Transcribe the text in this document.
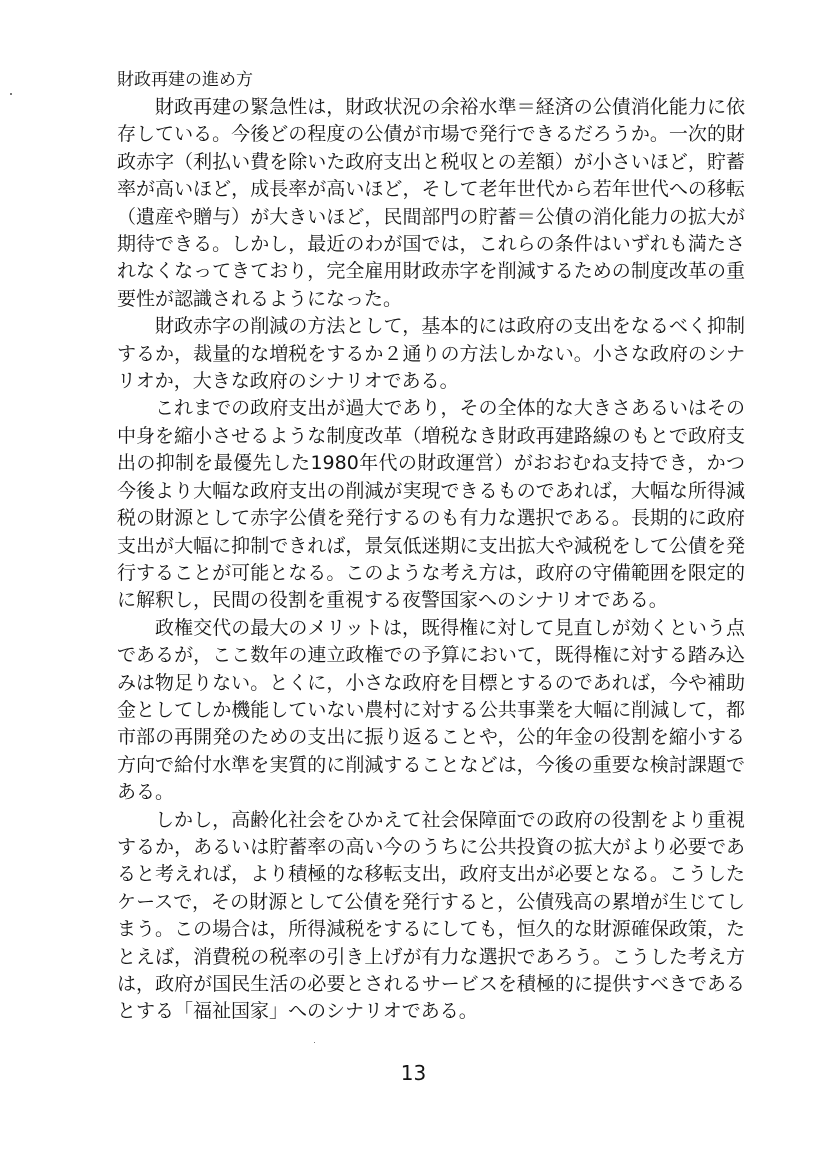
財政再建の進め方

財政再建の緊急性は，財政状況の余裕水準＝経済の公債消化能力に依存している。今後どの程度の公債が市場で発行できるだろうか。一次的財政赤字（利払い費を除いた政府支出と税収との差額）が小さいほど，貯蓄率が高いほど，成長率が高いほど，そして老年世代から若年世代への移転（遺産や贈与）が大きいほど，民間部門の貯蓄＝公債の消化能力の拡大が期待できる。しかし，最近のわが国では，これらの条件はいずれも満たされなくなってきており，完全雇用財政赤字を削減するための制度改革の重要性が認識されるようになった。

財政赤字の削減の方法として，基本的には政府の支出をなるべく抑制するか，裁量的な増税をするか２通りの方法しかない。小さな政府のシナリオか，大きな政府のシナリオである。

これまでの政府支出が過大であり，その全体的な大きさあるいはその中身を縮小させるような制度改革（増税なき財政再建路線のもとで政府支出の抑制を最優先した1980年代の財政運営）がおおむね支持でき，かつ今後より大幅な政府支出の削減が実現できるものであれば，大幅な所得減税の財源として赤字公債を発行するのも有力な選択である。長期的に政府支出が大幅に抑制できれば，景気低迷期に支出拡大や減税をして公債を発行することが可能となる。このような考え方は，政府の守備範囲を限定的に解釈し，民間の役割を重視する夜警国家へのシナリオである。

政権交代の最大のメリットは，既得権に対して見直しが効くという点であるが，ここ数年の連立政権での予算において，既得権に対する踏み込みは物足りない。とくに，小さな政府を目標とするのであれば，今や補助金としてしか機能していない農村に対する公共事業を大幅に削減して，都市部の再開発のための支出に振り返ることや，公的年金の役割を縮小する方向で給付水準を実質的に削減することなどは，今後の重要な検討課題である。

しかし，高齢化社会をひかえて社会保障面での政府の役割をより重視するか，あるいは貯蓄率の高い今のうちに公共投資の拡大がより必要であると考えれば，より積極的な移転支出，政府支出が必要となる。こうしたケースで，その財源として公債を発行すると，公債残高の累増が生じてしまう。この場合は，所得減税をするにしても，恒久的な財源確保政策，たとえば，消費税の税率の引き上げが有力な選択であろう。こうした考え方は，政府が国民生活の必要とされるサービスを積極的に提供すべきであるとする「福祉国家」へのシナリオである。

13
